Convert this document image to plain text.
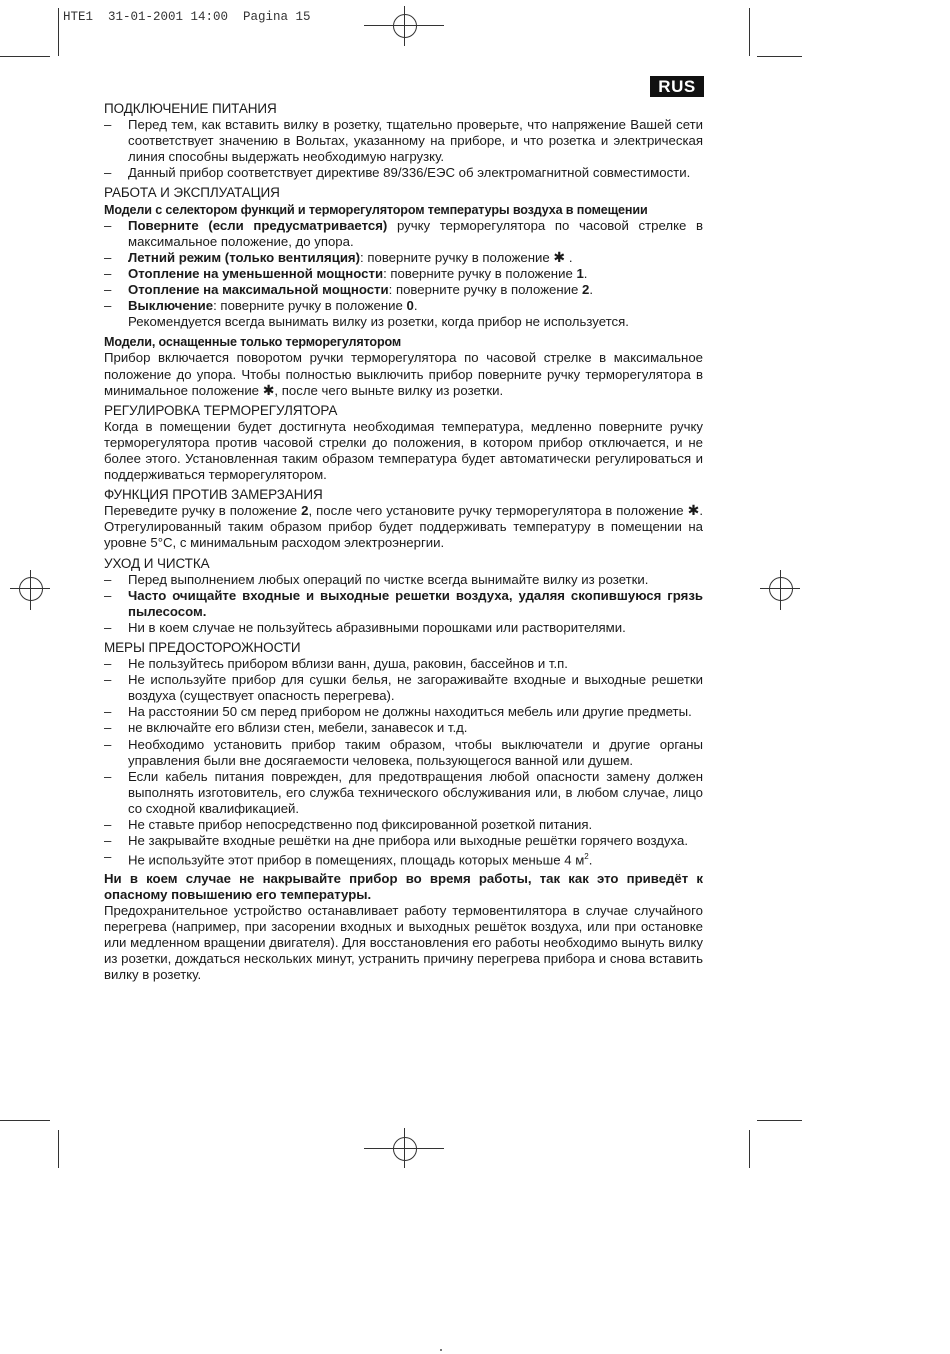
HTE1  31-01-2001 14:00  Pagina 15
RUS
ПОДКЛЮЧЕНИЕ ПИТАНИЯ
– Перед тем, как вставить вилку в розетку, тщательно проверьте, что напряжение Вашей сети соответствует значению в Вольтах, указанному на приборе, и что розетка и электрическая линия способны выдержать необходимую нагрузку.
– Данный прибор соответствует директиве 89/336/ЕЭС об электромагнитной совместимости.
РАБОТА И ЭКСПЛУАТАЦИЯ
Модели с селектором функций и терморегулятором температуры воздуха в помещении
– Поверните (если предусматривается) ручку терморегулятора по часовой стрелке в максимальное положение, до упора.
– Летний режим (только вентиляция): поверните ручку в положение ✱ .
– Отопление на уменьшенной мощности: поверните ручку в положение 1.
– Отопление на максимальной мощности: поверните ручку в положение 2.
– Выключение: поверните ручку в положение 0.
Рекомендуется всегда вынимать вилку из розетки, когда прибор не используется.
Модели, оснащенные только терморегулятором
Прибор включается поворотом ручки терморегулятора по часовой стрелке в максимальное положение до упора. Чтобы полностью выключить прибор поверните ручку терморегулятора в минимальное положение ✱, после чего выньте вилку из розетки.
РЕГУЛИРОВКА ТЕРМОРЕГУЛЯТОРА
Когда в помещении будет достигнута необходимая температура, медленно поверните ручку терморегулятора против часовой стрелки до положения, в котором прибор отключается, и не более этого. Установленная таким образом температура будет автоматически регулироваться и поддерживаться терморегулятором.
ФУНКЦИЯ ПРОТИВ ЗАМЕРЗАНИЯ
Переведите ручку в положение 2, после чего установите ручку терморегулятора в положение ✱. Отрегулированный таким образом прибор будет поддерживать температуру в помещении на уровне 5°C, с минимальным расходом электроэнергии.
УХОД И ЧИСТКА
– Перед выполнением любых операций по чистке всегда вынимайте вилку из розетки.
– Часто очищайте входные и выходные решетки воздуха, удаляя скопившуюся грязь пылесосом.
– Ни в коем случае не пользуйтесь абразивными порошками или растворителями.
МЕРЫ ПРЕДОСТОРОЖНОСТИ
– Не пользуйтесь прибором вблизи ванн, душа, раковин, бассейнов и т.п.
– Не используйте прибор для сушки белья, не загораживайте входные и выходные решетки воздуха (существует опасность перегрева).
– На расстоянии 50 см перед прибором не должны находиться мебель или другие предметы.
– не включайте его вблизи стен, мебели, занавесок и т.д.
– Необходимо установить прибор таким образом, чтобы выключатели и другие органы управления были вне досягаемости человека, пользующегося ванной или душем.
– Если кабель питания поврежден, для предотвращения любой опасности замену должен выполнять изготовитель, его служба технического обслуживания или, в любом случае, лицо со сходной квалификацией.
– Не ставьте прибор непосредственно под фиксированной розеткой питания.
– Не закрывайте входные решётки на дне прибора или выходные решётки горячего воздуха.
– Не используйте этот прибор в помещениях, площадь которых меньше 4 $м^2$.
Ни в коем случае не накрывайте прибор во время работы, так как это приведёт к опасному повышению его температуры.
Предохранительное устройство останавливает работу термовентилятора в случае случайного перегрева (например, при засорении входных и выходных решёток воздуха, или при остановке или медленном вращении двигателя). Для восстановления его работы необходимо вынуть вилку из розетки, дождаться нескольких минут, устранить причину перегрева прибора и снова вставить вилку в розетку.
